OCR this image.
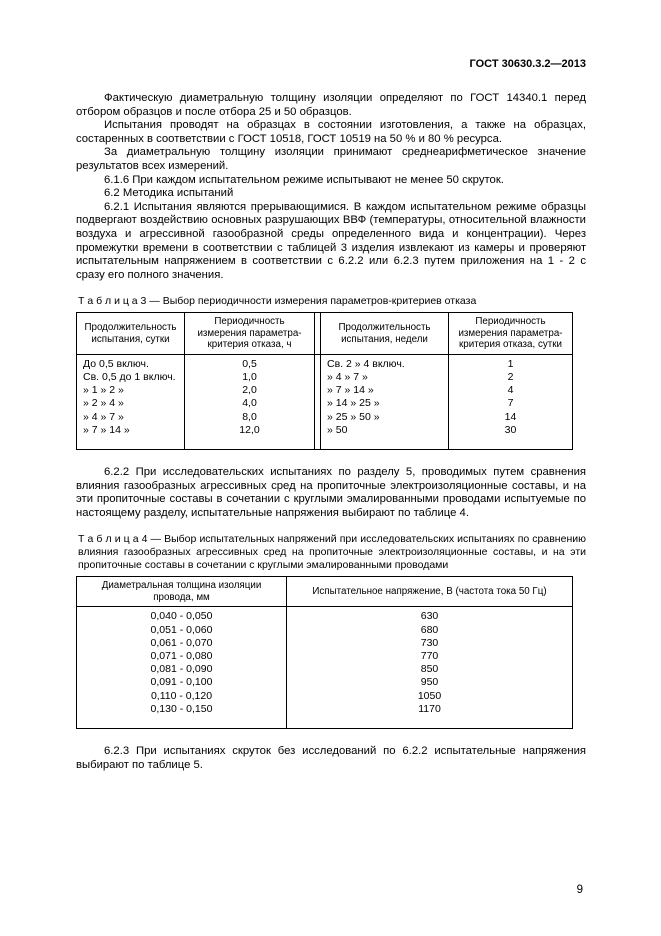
ГОСТ 30630.3.2—2013

Фактическую диаметральную толщину изоляции определяют по ГОСТ 14340.1 перед отбором образцов и после отбора 25 и 50 образцов.

Испытания проводят на образцах в состоянии изготовления, а также на образцах, состаренных в соответствии с ГОСТ 10518, ГОСТ 10519 на 50 % и 80 % ресурса.

За диаметральную толщину изоляции принимают среднеарифметическое значение результатов всех измерений.

6.1.6 При каждом испытательном режиме испытывают не менее 50 скруток.

6.2 Методика испытаний

6.2.1 Испытания являются прерывающимися. В каждом испытательном режиме образцы подвергают воздействию основных разрушающих ВВФ (температуры, относительной влажности воздуха и агрессивной газообразной среды определенного вида и концентрации). Через промежутки времени в соответствии с таблицей 3 изделия извлекают из камеры и проверяют испытательным напряжением в соответствии с 6.2.2 или 6.2.3 путем приложения на 1 - 2 с сразу его полного значения.

Т а б л и ц а 3 — Выбор периодичности измерения параметров-критериев отказа
Продолжительность испытания, сутки	Периодичность измерения параметра-критерия отказа, ч		Продолжительность испытания, недели	Периодичность измерения параметра-критерия отказа, сутки
До 0,5 включ.	0,5		Св. 2 » 4 включ.	1
Св. 0,5 до 1 включ.	1,0		» 4 » 7 »	2
» 1 » 2 »	2,0		» 7 » 14 »	4
» 2 » 4 »	4,0		» 14 » 25 »	7
» 4 » 7 »	8,0		» 25 » 50 »	14
» 7 » 14 »	12,0		» 50	30

6.2.2 При исследовательских испытаниях по разделу 5, проводимых путем сравнения влияния газообразных агрессивных сред на пропиточные электроизоляционные составы, и на эти пропиточные составы в сочетании с круглыми эмалированными проводами испытуемые по настоящему разделу, испытательные напряжения выбирают по таблице 4.

Т а б л и ц а 4 — Выбор испытательных напряжений при исследовательских испытаниях по сравнению влияния газообразных агрессивных сред на пропиточные электроизоляционные составы, и на эти пропиточные составы в сочетании с круглыми эмалированными проводами
Диаметральная толщина изоляции провода, мм	Испытательное напряжение, В (частота тока 50 Гц)
0,040 - 0,050	630
0,051 - 0,060	680
0,061 - 0,070	730
0,071 - 0,080	770
0,081 - 0,090	850
0,091 - 0,100	950
0,110 - 0,120	1050
0,130 - 0,150	1170

6.2.3 При испытаниях скруток без исследований по 6.2.2 испытательные напряжения выбирают по таблице 5.

9
